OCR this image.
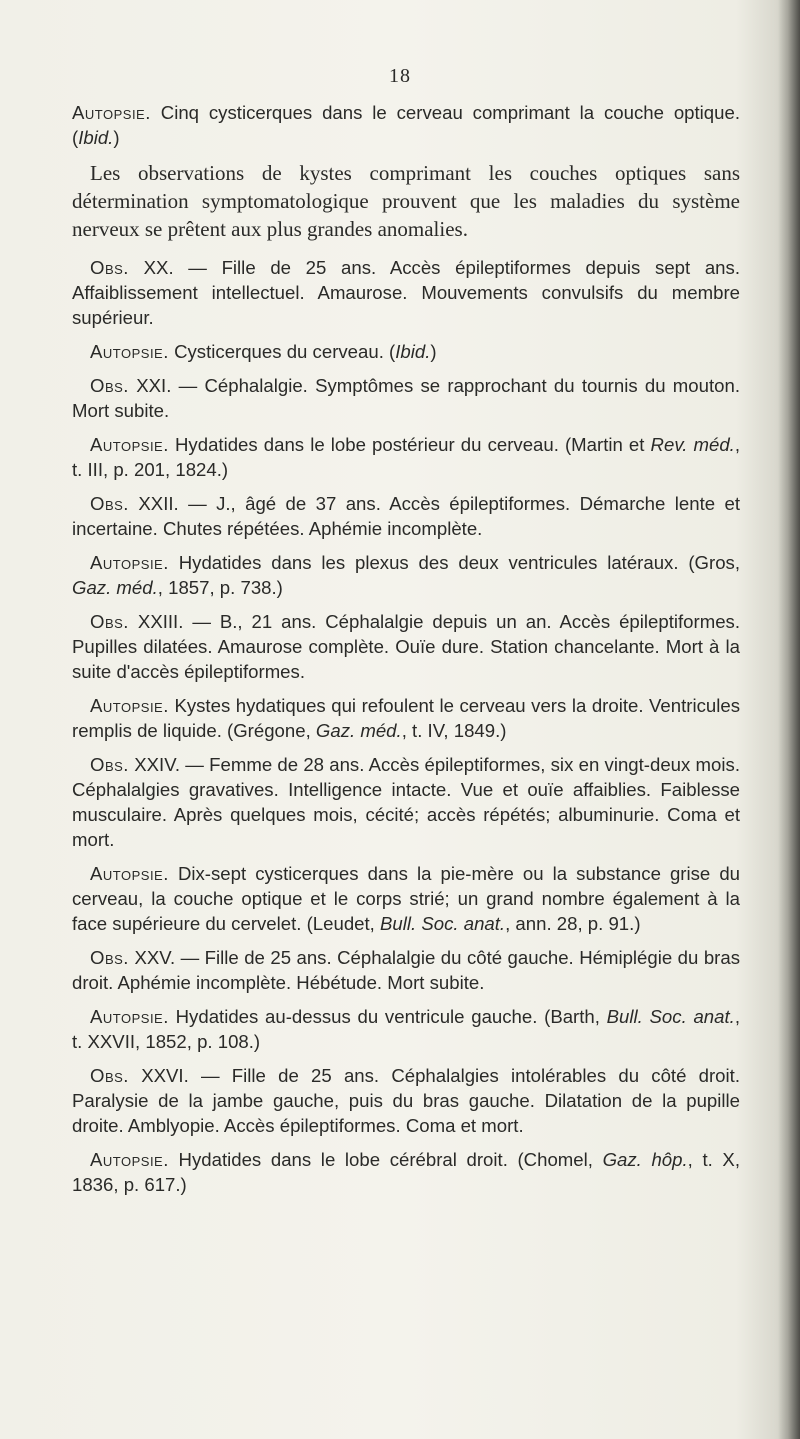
18

Autopsie. Cinq cysticerques dans le cerveau comprimant la couche optique. (Ibid.)

Les observations de kystes comprimant les couches optiques sans détermination symptomatologique prouvent que les maladies du système nerveux se prêtent aux plus grandes anomalies.

Obs. XX. — Fille de 25 ans. Accès épileptiformes depuis sept ans. Affaiblissement intellectuel. Amaurose. Mouvements convulsifs du membre supérieur.

Autopsie. Cysticerques du cerveau. (Ibid.)

Obs. XXI. — Céphalalgie. Symptômes se rapprochant du tournis du mouton. Mort subite.

Autopsie. Hydatides dans le lobe postérieur du cerveau. (Martin et Rev. méd., t. III, p. 201, 1824.)

Obs. XXII. — J., âgé de 37 ans. Accès épileptiformes. Démarche lente et incertaine. Chutes répétées. Aphémie incomplète.

Autopsie. Hydatides dans les plexus des deux ventricules latéraux. (Gros, Gaz. méd., 1857, p. 738.)

Obs. XXIII. — B., 21 ans. Céphalalgie depuis un an. Accès épileptiformes. Pupilles dilatées. Amaurose complète. Ouïe dure. Station chancelante. Mort à la suite d'accès épileptiformes.

Autopsie. Kystes hydatiques qui refoulent le cerveau vers la droite. Ventricules remplis de liquide. (Grégone, Gaz. méd., t. IV, 1849.)

Obs. XXIV. — Femme de 28 ans. Accès épileptiformes, six en vingt-deux mois. Céphalalgies gravatives. Intelligence intacte. Vue et ouïe affaiblies. Faiblesse musculaire. Après quelques mois, cécité; accès répétés; albuminurie. Coma et mort.

Autopsie. Dix-sept cysticerques dans la pie-mère ou la substance grise du cerveau, la couche optique et le corps strié; un grand nombre également à la face supérieure du cervelet. (Leudet, Bull. Soc. anat., ann. 28, p. 91.)

Obs. XXV. — Fille de 25 ans. Céphalalgie du côté gauche. Hémiplégie du bras droit. Aphémie incomplète. Hébétude. Mort subite.

Autopsie. Hydatides au-dessus du ventricule gauche. (Barth, Bull. Soc. anat., t. XXVII, 1852, p. 108.)

Obs. XXVI. — Fille de 25 ans. Céphalalgies intolérables du côté droit. Paralysie de la jambe gauche, puis du bras gauche. Dilatation de la pupille droite. Amblyopie. Accès épileptiformes. Coma et mort.

Autopsie. Hydatides dans le lobe cérébral droit. (Chomel, Gaz. hôp., t. X, 1836, p. 617.)
